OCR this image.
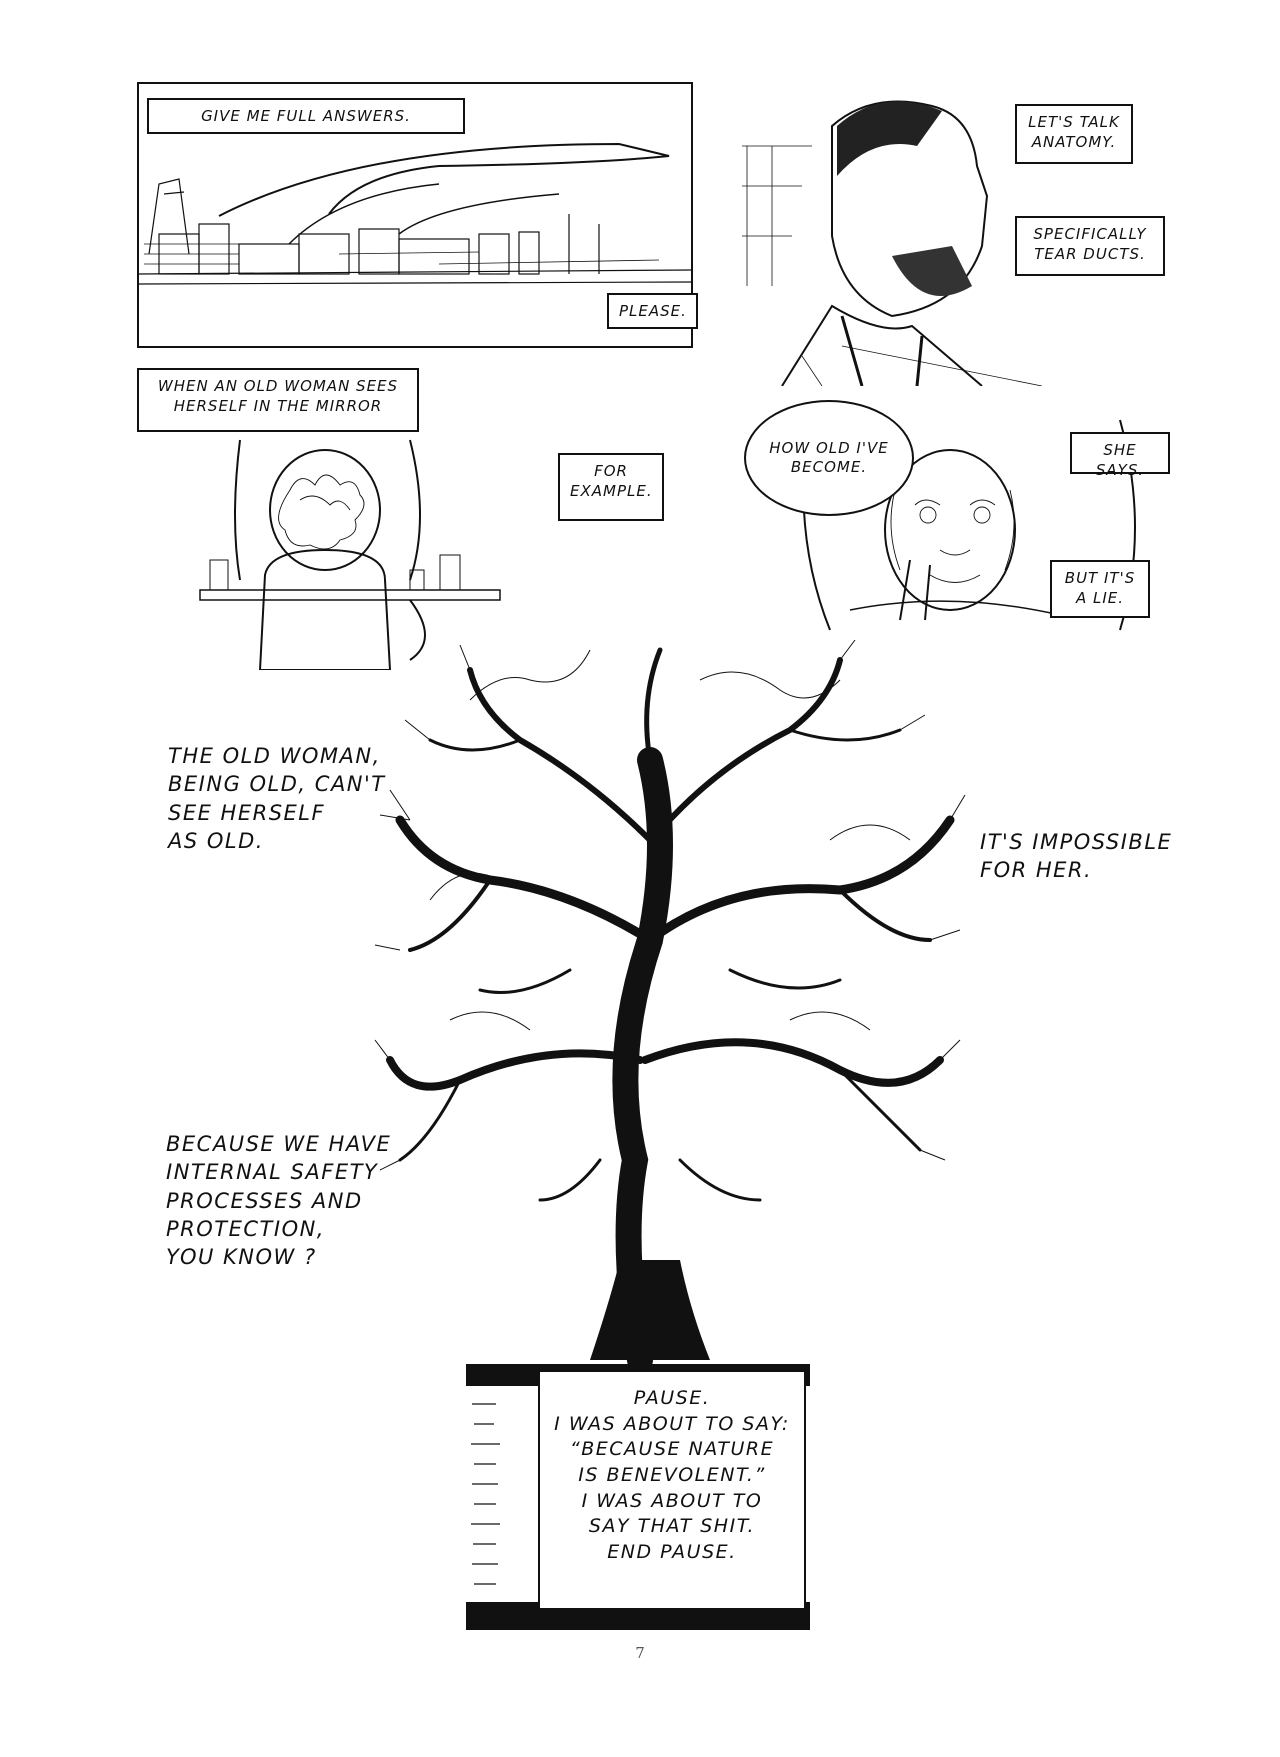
GIVE ME FULL ANSWERS.
PLEASE.
LET'S TALK ANATOMY.
SPECIFICALLY TEAR DUCTS.
WHEN AN OLD WOMAN SEES HERSELF IN THE MIRROR
FOR EXAMPLE.
HOW OLD I'VE BECOME.
SHE SAYS.
BUT IT'S A LIE.
PAUSE.
I WAS ABOUT TO SAY:
“BECAUSE NATURE
IS BENEVOLENT.”
I WAS ABOUT TO
SAY THAT SHIT.
END PAUSE.
THE OLD WOMAN,
BEING OLD, CAN'T
SEE HERSELF
AS OLD.	IT'S IMPOSSIBLE
FOR HER.
BECAUSE WE HAVE
INTERNAL SAFETY
PROCESSES AND
PROTECTION,
YOU KNOW ?
7
